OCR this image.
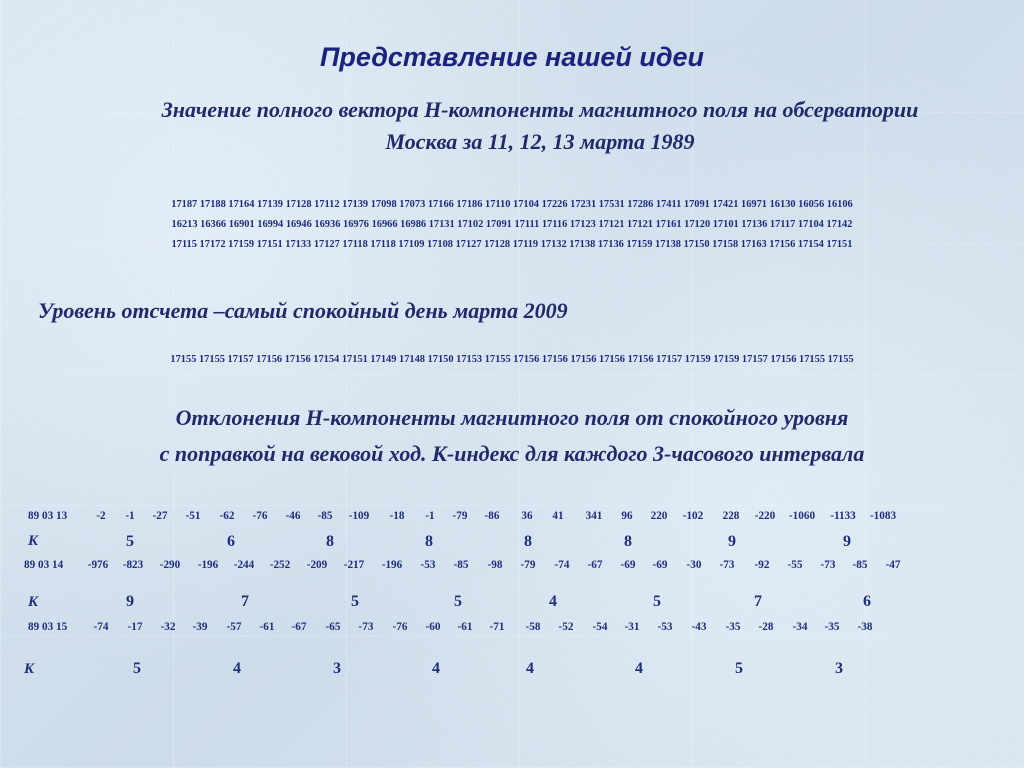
Представление нашей идеи
Значение полного вектора Н-компоненты магнитного поля на обсерватории
Москва за 11, 12, 13 марта 1989
17187 17188 17164 17139 17128 17112 17139 17098 17073 17166 17186 17110 17104 17226 17231 17531 17286 17411 17091 17421 16971 16130 16056 16106
16213 16366 16901 16994 16946 16936 16976 16966 16986 17131 17102 17091 17111 17116 17123 17121 17121 17161 17120 17101 17136 17117 17104 17142
17115 17172 17159 17151 17133 17127 17118 17118 17109 17108 17127 17128 17119 17132 17138 17136 17159 17138 17150 17158 17163 17156 17154 17151
Уровень отсчета –самый спокойный день марта 2009
17155 17155 17157 17156 17156 17154 17151 17149 17148 17150 17153 17155 17156 17156 17156 17156 17156 17157 17159 17159 17157 17156 17155 17155
Отклонения Н-компоненты магнитного поля от спокойного уровня
с поправкой на вековой ход. К-индекс для каждого 3-часового интервала
89 03 13	-2 -1 -27 -51 -62 -76 -46 -85 -109 -18 -1 -79 -86 36 41 341 96 220 -102 228 -220 -1060 -1133 -1083
K	5	6	8	8	8	8	9	9
89 03 14 -976 -823 -290 -196 -244 -252 -209 -217 -196 -53 -85 -98 -79 -74 -67 -69 -69 -30 -73 -92 -55 -73 -85 -47
K	9	7	5	5	4	5	7	6
89 03 15 -74 -17 -32 -39 -57 -61 -67 -65 -73 -76 -60 -61 -71 -58 -52 -54 -31 -53 -43 -35 -28 -34 -35 -38
K	5	4	3	4	4	4	5	3
